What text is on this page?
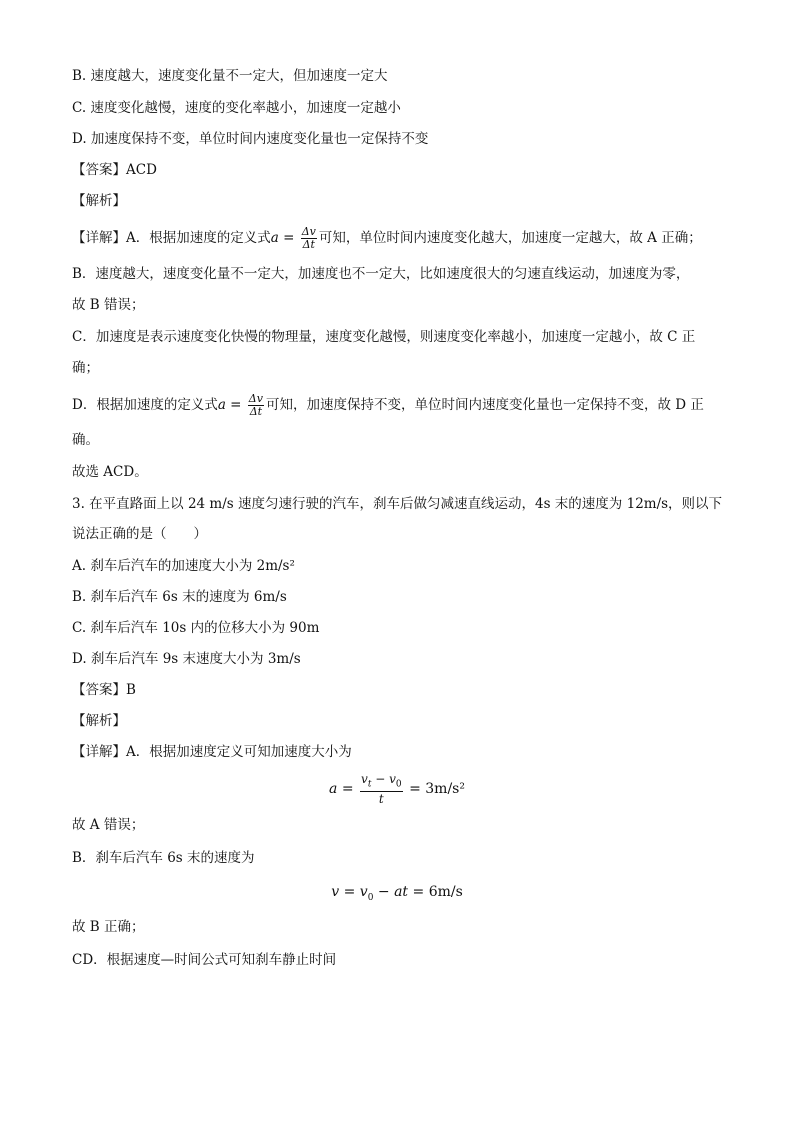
B. 速度越大，速度变化量不一定大，但加速度一定大
C. 速度变化越慢，速度的变化率越小，加速度一定越小
D. 加速度保持不变，单位时间内速度变化量也一定保持不变
【答案】ACD
【解析】
【详解】A．根据加速度的定义式$a = \frac{\Delta v}{\Delta t}$ 可知，单位时间内速度变化越大，加速度一定越大，故 A 正确；
B．速度越大，速度变化量不一定大，加速度也不一定大，比如速度很大的匀速直线运动，加速度为零，
故 B 错误；
C．加速度是表示速度变化快慢的物理量，速度变化越慢，则速度变化率越小，加速度一定越小，故 C 正
确；
D．根据加速度的定义式$a = \frac{\Delta v}{\Delta t}$ 可知，加速度保持不变，单位时间内速度变化量也一定保持不变，故 D 正
确。
故选 ACD。
3. 在平直路面上以 24 m/s 速度匀速行驶的汽车，刹车后做匀减速直线运动，4s 末的速度为 12m/s，则以下
说法正确的是（　　）
A. 刹车后汽车的加速度大小为 2m/s²
B. 刹车后汽车 6s 末的速度为 6m/s
C. 刹车后汽车 10s 内的位移大小为 90m
D. 刹车后汽车 9s 末速度大小为 3m/s
【答案】B
【解析】
【详解】A．根据加速度定义可知加速度大小为
$a = \frac{v_t - v_0}{t} = 3m/s^2$
故 A 错误；
B．刹车后汽车 6s 末的速度为
$v = v_0$ − at = 6m/s
故 B 正确；
CD．根据速度—时间公式可知刹车静止时间
